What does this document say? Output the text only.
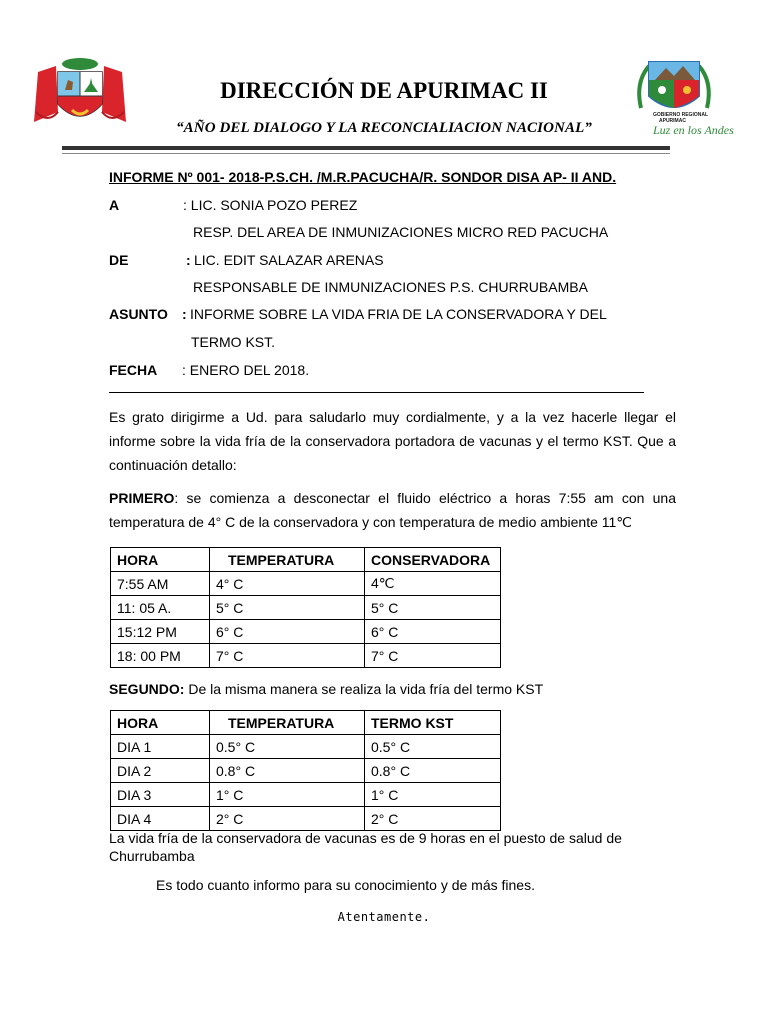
GOBIERNO REGIONAL
APURIMAC
Luz en los Andes
DIRECCIÓN DE APURIMAC II
“AÑO DEL DIALOGO Y LA RECONCIALIACION NACIONAL”
INFORME Nº 001- 2018-P.S.CH. /M.R.PACUCHA/R. SONDOR DISA AP- II AND.
A	: LIC. SONIA POZO PEREZ
RESP. DEL AREA DE INMUNIZACIONES MICRO RED PACUCHA
DE	: LIC. EDIT SALAZAR ARENAS
RESPONSABLE DE INMUNIZACIONES P.S. CHURRUBAMBA
ASUNTO : INFORME SOBRE LA VIDA FRIA DE LA CONSERVADORA Y DEL
TERMO KST.
FECHA : ENERO DEL 2018.
Es grato dirigirme a Ud. para saludarlo muy cordialmente, y a la vez hacerle llegar el informe sobre la vida fría de la conservadora portadora de vacunas y el termo KST. Que a continuación detallo:
PRIMERO: se comienza a desconectar el fluido eléctrico a horas 7:55 am con una temperatura de 4° C de la conservadora y con temperatura de medio ambiente 11℃
HORA	TEMPERATURA	CONSERVADORA
7:55 AM	4° C	4℃
11: 05 A.	5° C	5° C
15:12 PM	6° C	6° C
18: 00 PM	7° C	7° C
SEGUNDO: De la misma manera se realiza la vida fría del termo KST
HORA	TEMPERATURA	TERMO KST
DIA 1	0.5° C	0.5° C
DIA 2	0.8° C	0.8° C
DIA 3	1° C	1° C
DIA 4	2° C	2° C
La vida fría de la conservadora de vacunas es de 9 horas en el puesto de salud de Churrubamba
Es todo cuanto informo para su conocimiento y de más fines.
Atentamente.
